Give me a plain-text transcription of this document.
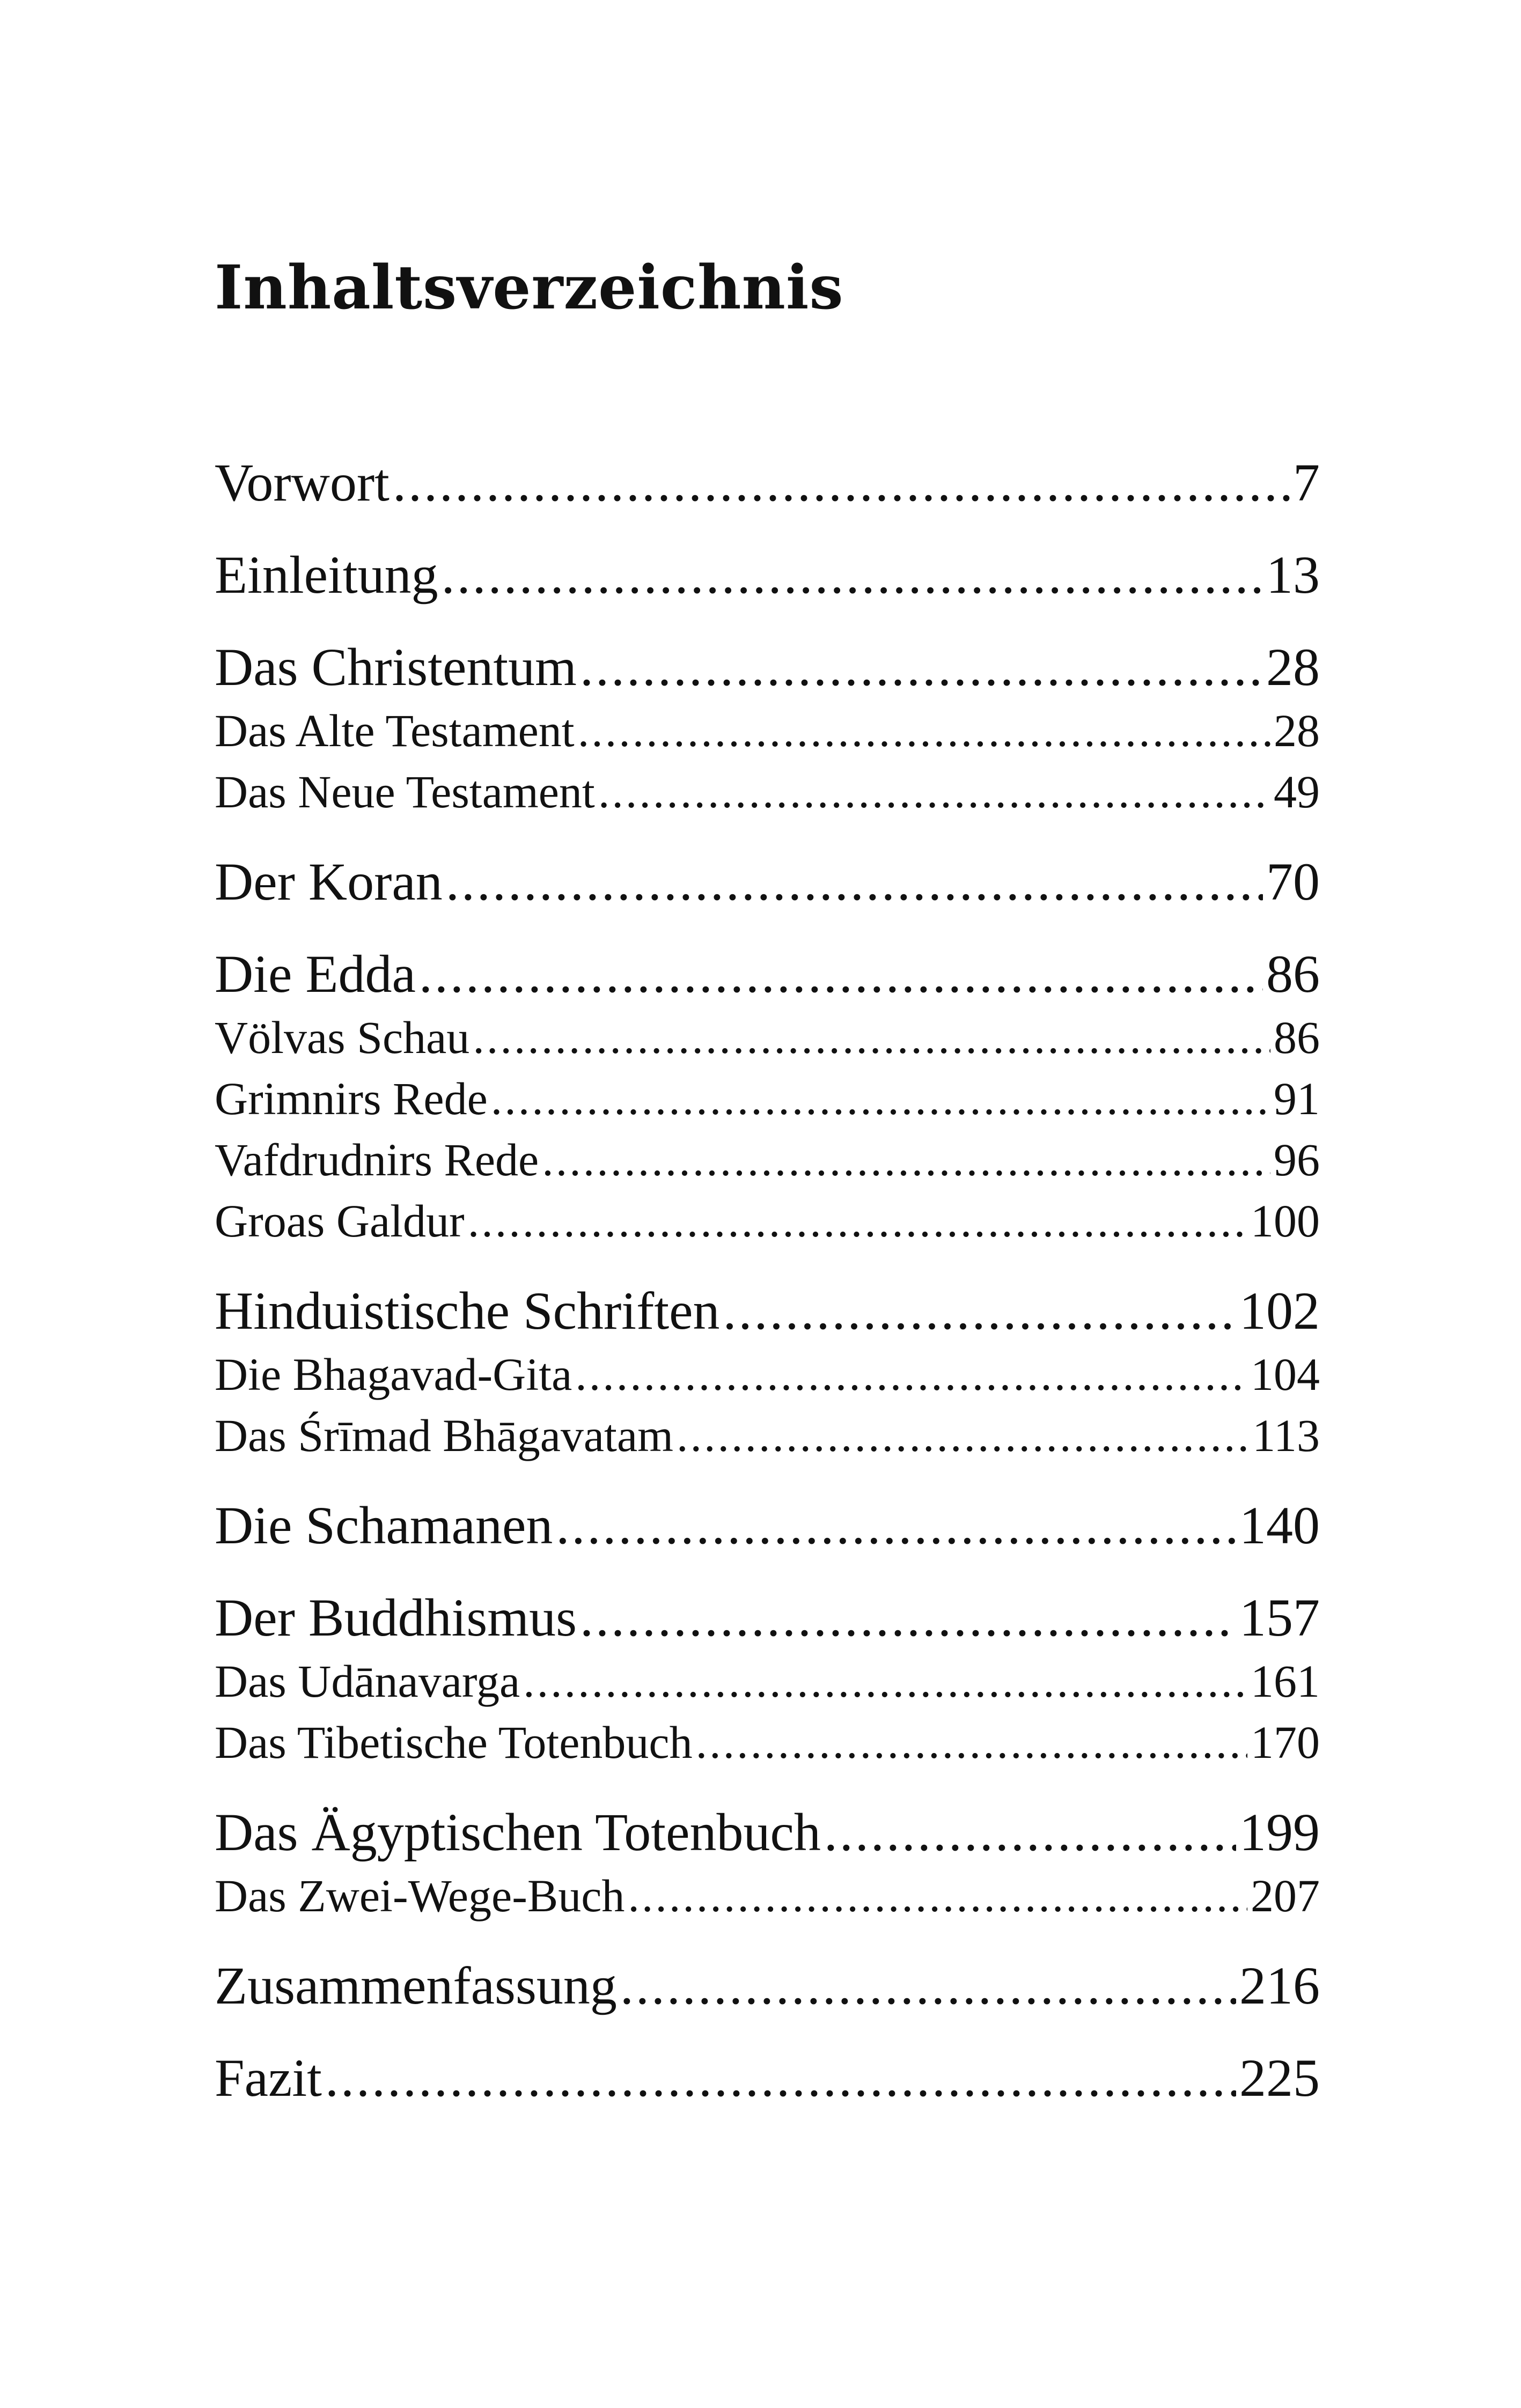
Inhaltsverzeichnis
Vorwort .....	7
Einleitung .....	13
Das Christentum .....	28
Das Alte Testament .....	28
Das Neue Testament .....	49
Der Koran .....	70
Die Edda .....	86
Völvas Schau .....	86
Grimnirs Rede .....	91
Vafdrudnirs Rede .....	96
Groas Galdur .....	100
Hinduistische Schriften .....	102
Die Bhagavad-Gita .....	104
Das Śrīmad Bhāgavatam .....	113
Die Schamanen .....	140
Der Buddhismus .....	157
Das Udānavarga .....	161
Das Tibetische Totenbuch .....	170
Das Ägyptischen Totenbuch .....	199
Das Zwei-Wege-Buch .....	207
Zusammenfassung .....	216
Fazit .....	225
